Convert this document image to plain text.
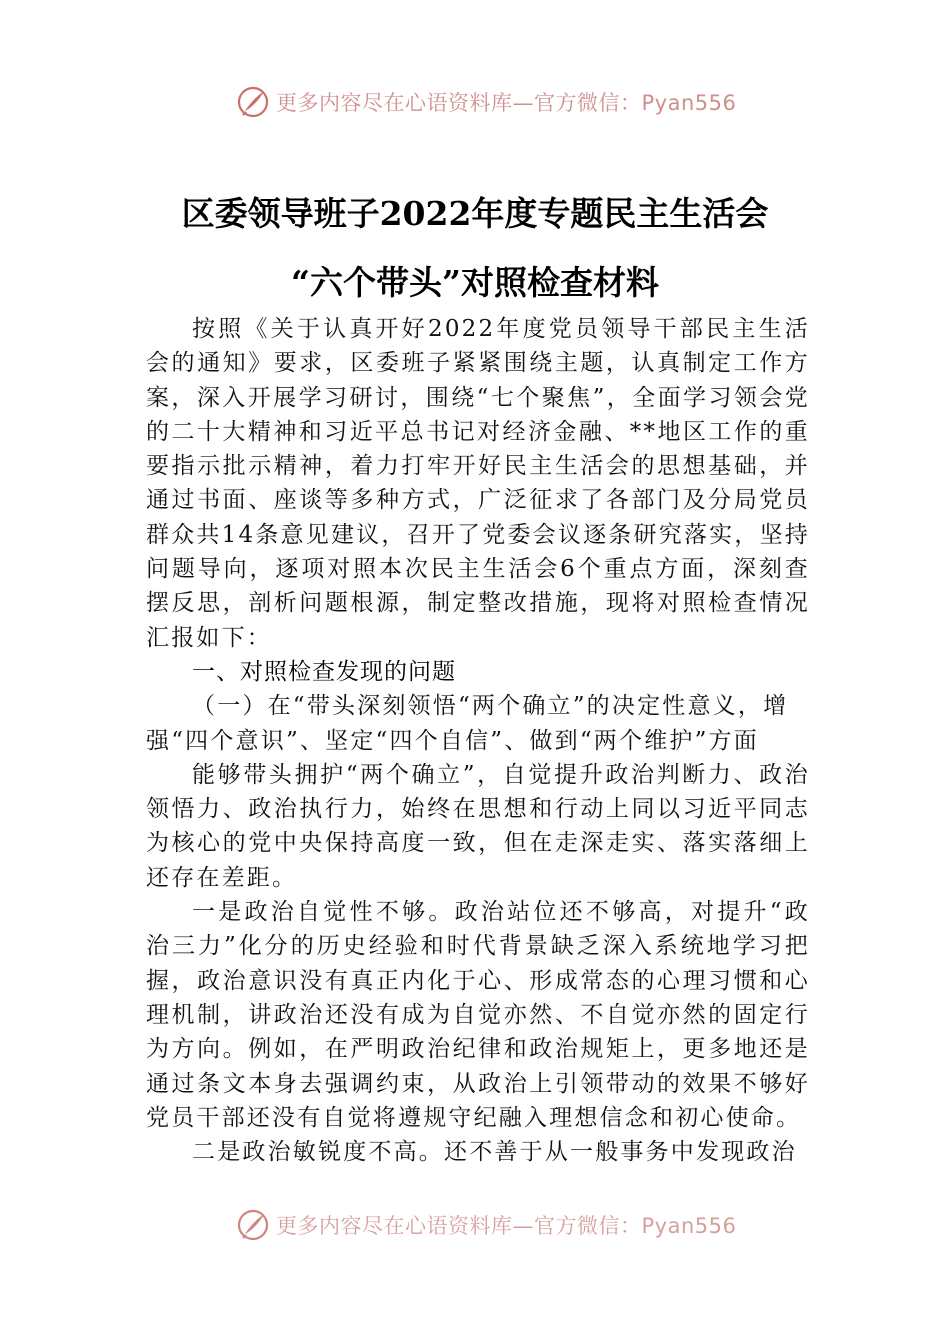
更多内容尽在心语资料库—官方微信：Pyan556
区委领导班子2022年度专题民主生活会
“六个带头”对照检查材料

按照《关于认真开好2022年度党员领导干部民主生活会的通知》要求，区委班子紧紧围绕主题，认真制定工作方案，深入开展学习研讨，围绕“七个聚焦”，全面学习领会党的二十大精神和习近平总书记对经济金融、**地区工作的重要指示批示精神，着力打牢开好民主生活会的思想基础，并通过书面、座谈等多种方式，广泛征求了各部门及分局党员群众共14条意见建议，召开了党委会议逐条研究落实，坚持问题导向，逐项对照本次民主生活会6个重点方面，深刻查摆反思，剖析问题根源，制定整改措施，现将对照检查情况汇报如下：

一、对照检查发现的问题

（一）在“带头深刻领悟“两个确立”的决定性意义，增强“四个意识”、坚定“四个自信”、做到“两个维护”方面

能够带头拥护“两个确立”，自觉提升政治判断力、政治领悟力、政治执行力，始终在思想和行动上同以习近平同志为核心的党中央保持高度一致，但在走深走实、落实落细上还存在差距。

一是政治自觉性不够。政治站位还不够高，对提升“政治三力”化分的历史经验和时代背景缺乏深入系统地学习把握，政治意识没有真正内化于心、形成常态的心理习惯和心理机制，讲政治还没有成为自觉亦然、不自觉亦然的固定行为方向。例如，在严明政治纪律和政治规矩上，更多地还是通过条文本身去强调约束，从政治上引领带动的效果不够好党员干部还没有自觉将遵规守纪融入理想信念和初心使命。

二是政治敏锐度不高。还不善于从一般事务中发现政治

更多内容尽在心语资料库—官方微信：Pyan556
